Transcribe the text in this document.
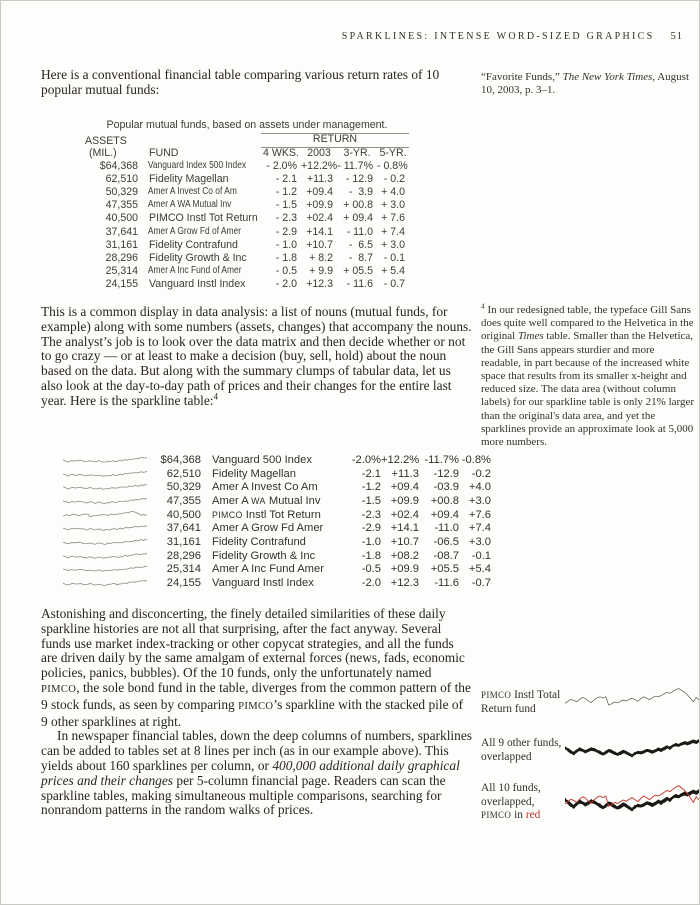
SPARKLINES: INTENSE WORD-SIZED GRAPHICS 51

Here is a conventional financial table comparing various return rates of 10 popular mutual funds:

“Favorite Funds,” The New York Times, August 10, 2003, p. 3–1.
Popular mutual funds, based on assets under management.
ASSETS	RETURN
(MIL.)	FUND	4 WKS. 2003	3-YR. 5-YR.
$64,368	Vanguard Index 500 Index	- 2.0% +12.2% - 11.7% - 0.8%
62,510	Fidelity Magellan	- 2.1 +11.3	- 12.9	- 0.2
50,329	Amer A Invest Co of Am	- 1.2 +09.4	-  3.9 + 4.0
47,355	Amer A WA Mutual Inv	- 1.5 +09.9 + 00.8 + 3.0
40,500	PIMCO Instl Tot Return	- 2.3 +02.4 + 09.4 + 7.6
37,641	Amer A Grow Fd of Amer	- 2.9 +14.1	- 11.0 + 7.4
31,161	Fidelity Contrafund	- 1.0 +10.7	-  6.5 + 3.0
28,296	Fidelity Growth & Inc	- 1.8	+ 8.2	-  8.7	- 0.1
25,314	Amer A Inc Fund of Amer	- 0.5	+ 9.9 + 05.5 + 5.4
24,155	Vanguard Instl Index	- 2.0 +12.3	- 11.6	- 0.7

This is a common display in data analysis: a list of nouns (mutual funds, for example) along with some numbers (assets, changes) that accompany the nouns. The analyst’s job is to look over the data matrix and then decide whether or not to go crazy — or at least to make a decision (buy, sell, hold) about the noun based on the data. But along with the summary clumps of tabular data, let us also look at the day-to-day path of prices and their changes for the entire last year. Here is the sparkline table:$^4$

$^4$ In our redesigned table, the typeface Gill Sans does quite well compared to the Helvetica in the original Times table. Smaller than the Helvetica, the Gill Sans appears sturdier and more readable, in part because of the increased white space that results from its smaller x-height and reduced size. The data area (without column labels) for our sparkline table is only 21% larger than the original's data area, and yet the sparklines provide an approximate look at 5,000 more numbers.
$64,368 Vanguard 500 Index	-2.0% +12.2% -11.7% -0.8%
62,510 Fidelity Magellan	-2.1 +11.3	-12.9	-0.2
50,329 Amer A Invest Co Am	-1.2 +09.4	-03.9 +4.0
47,355 Amer A WA Mutual Inv	-1.5 +09.9	+00.8 +3.0
40,500	PIMCO Instl Tot Return	-2.3 +02.4	+09.4 +7.6
37,641 Amer A Grow Fd Amer	-2.9 +14.1	-11.0 +7.4
31,161 Fidelity Contrafund	-1.0 +10.7	-06.5 +3.0
28,296 Fidelity Growth & Inc	-1.8 +08.2	-08.7	-0.1
25,314 Amer A Inc Fund Amer	-0.5 +09.9	+05.5 +5.4
24,155 Vanguard Instl Index	-2.0 +12.3	-11.6	-0.7

Astonishing and disconcerting, the finely detailed similarities of these daily sparkline histories are not all that surprising, after the fact anyway. Several funds use market index-tracking or other copycat strategies, and all the funds are driven daily by the same amalgam of external forces (news, fads, economic policies, panics, bubbles). Of the 10 funds, only the unfortunately named PIMCO, the sole bond fund in the table, diverges from the common pattern of the 9 stock funds, as seen by comparing PIMCO’s sparkline with the stacked pile of 9 other sparklines at right.

In newspaper financial tables, down the deep columns of numbers, sparklines can be added to tables set at 8 lines per inch (as in our example above). This yields about 160 sparklines per column, or 400,000 additional daily graphical prices and their changes per 5-column financial page. Readers can scan the sparkline tables, making simultaneous multiple comparisons, searching for nonrandom patterns in the random walks of prices.

PIMCO Instl Total Return fund
All 9 other funds, overlapped
All 10 funds, overlapped, PIMCO in red
